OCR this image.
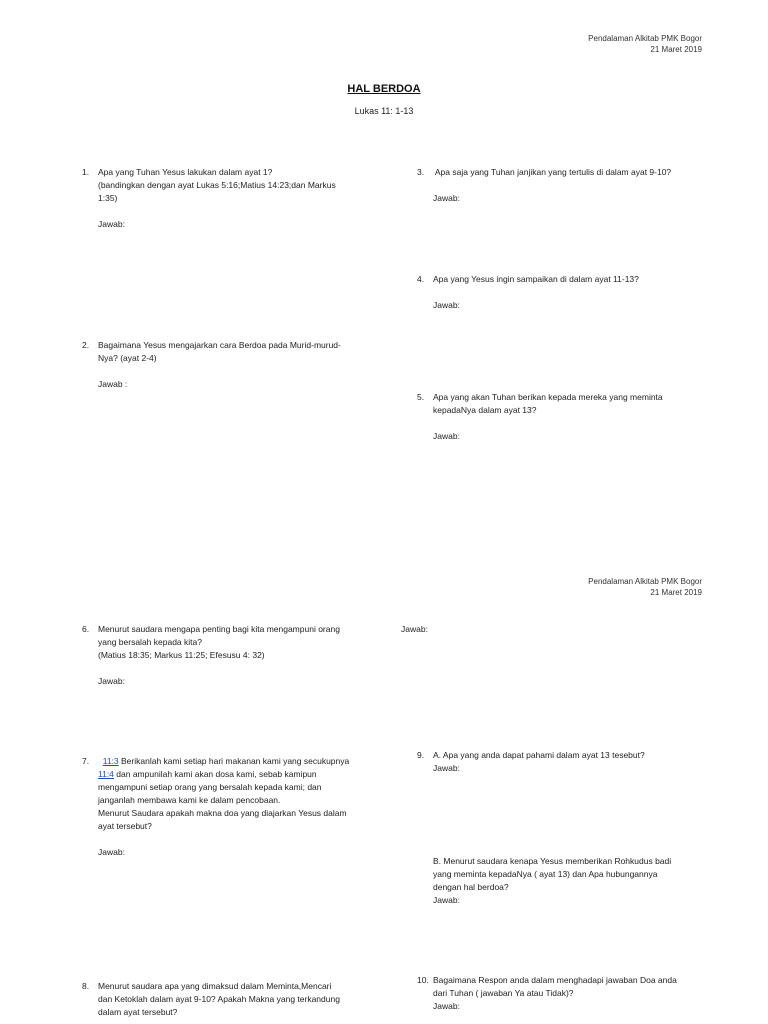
Pendalaman Alkitab PMK Bogor
21 Maret 2019
HAL BERDOA
Lukas 11: 1-13
1. Apa yang Tuhan Yesus lakukan dalam ayat 1?
(bandingkan dengan ayat Lukas 5:16;Matius 14:23;dan Markus
1:35)
Jawab:
2. Bagaimana Yesus mengajarkan cara Berdoa pada Murid-murud-
Nya? (ayat 2-4)
Jawab :
3. Apa saja yang Tuhan janjikan yang tertulis di dalam ayat 9-10?
Jawab:
4. Apa yang Yesus ingin sampaikan di dalam ayat 11-13?
Jawab:
5. Apa yang akan Tuhan berikan kepada mereka yang meminta
kepadaNya dalam ayat 13?
Jawab:
Pendalaman Alkitab PMK Bogor
21 Maret 2019
6. Menurut saudara mengapa penting bagi kita mengampuni orang
yang bersalah kepada kita?
(Matius 18:35; Markus 11:25; Efesusu 4: 32)
Jawab:
Jawab:
7.	11:3 Berikanlah kami setiap hari makanan kami yang secukupnya
11:4 dan ampunilah kami akan dosa kami, sebab kamipun
mengampuni setiap orang yang bersalah kepada kami; dan
janganlah membawa kami ke dalam pencobaan.
Menurut Saudara apakah makna doa yang diajarkan Yesus dalam
ayat tersebut?
Jawab:
8. Menurut saudara apa yang dimaksud dalam Meminta,Mencari
dan Ketoklah dalam ayat 9-10? Apakah Makna yang terkandung
dalam ayat tersebut?
9. A. Apa yang anda dapat pahami dalam ayat 13 tesebut?
Jawab:
B. Menurut saudara kenapa Yesus memberikan Rohkudus badi
yang meminta kepadaNya ( ayat 13) dan Apa hubungannya
dengan hal berdoa?
Jawab:
10. Bagaimana Respon anda dalam menghadapi jawaban Doa anda
dari Tuhan ( jawaban Ya atau Tidak)?
Jawab:
